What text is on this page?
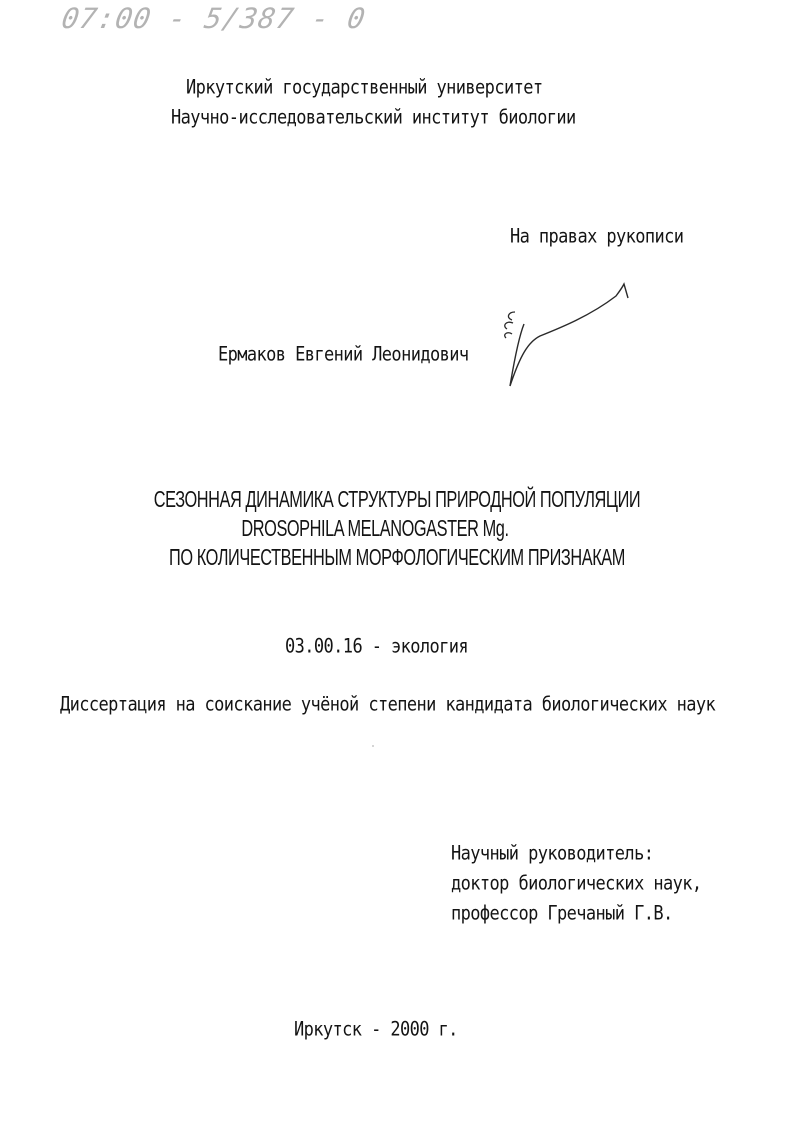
07:00 - 5/387 - 0
Иркутский государственный университет
Научно-исследовательский институт биологии
На правах рукописи
Ермаков Евгений Леонидович
СЕЗОННАЯ ДИНАМИКА СТРУКТУРЫ ПРИРОДНОЙ ПОПУЛЯЦИИ
DROSOPHILA MELANOGASTER Mg.
ПО КОЛИЧЕСТВЕННЫМ МОРФОЛОГИЧЕСКИМ ПРИЗНАКАМ
03.00.16 - экология
Диссертация на соискание учёной степени кандидата биологических наук
Научный руководитель:
доктор биологических наук,
профессор Гречаный Г.В.
Иркутск - 2000 г.
